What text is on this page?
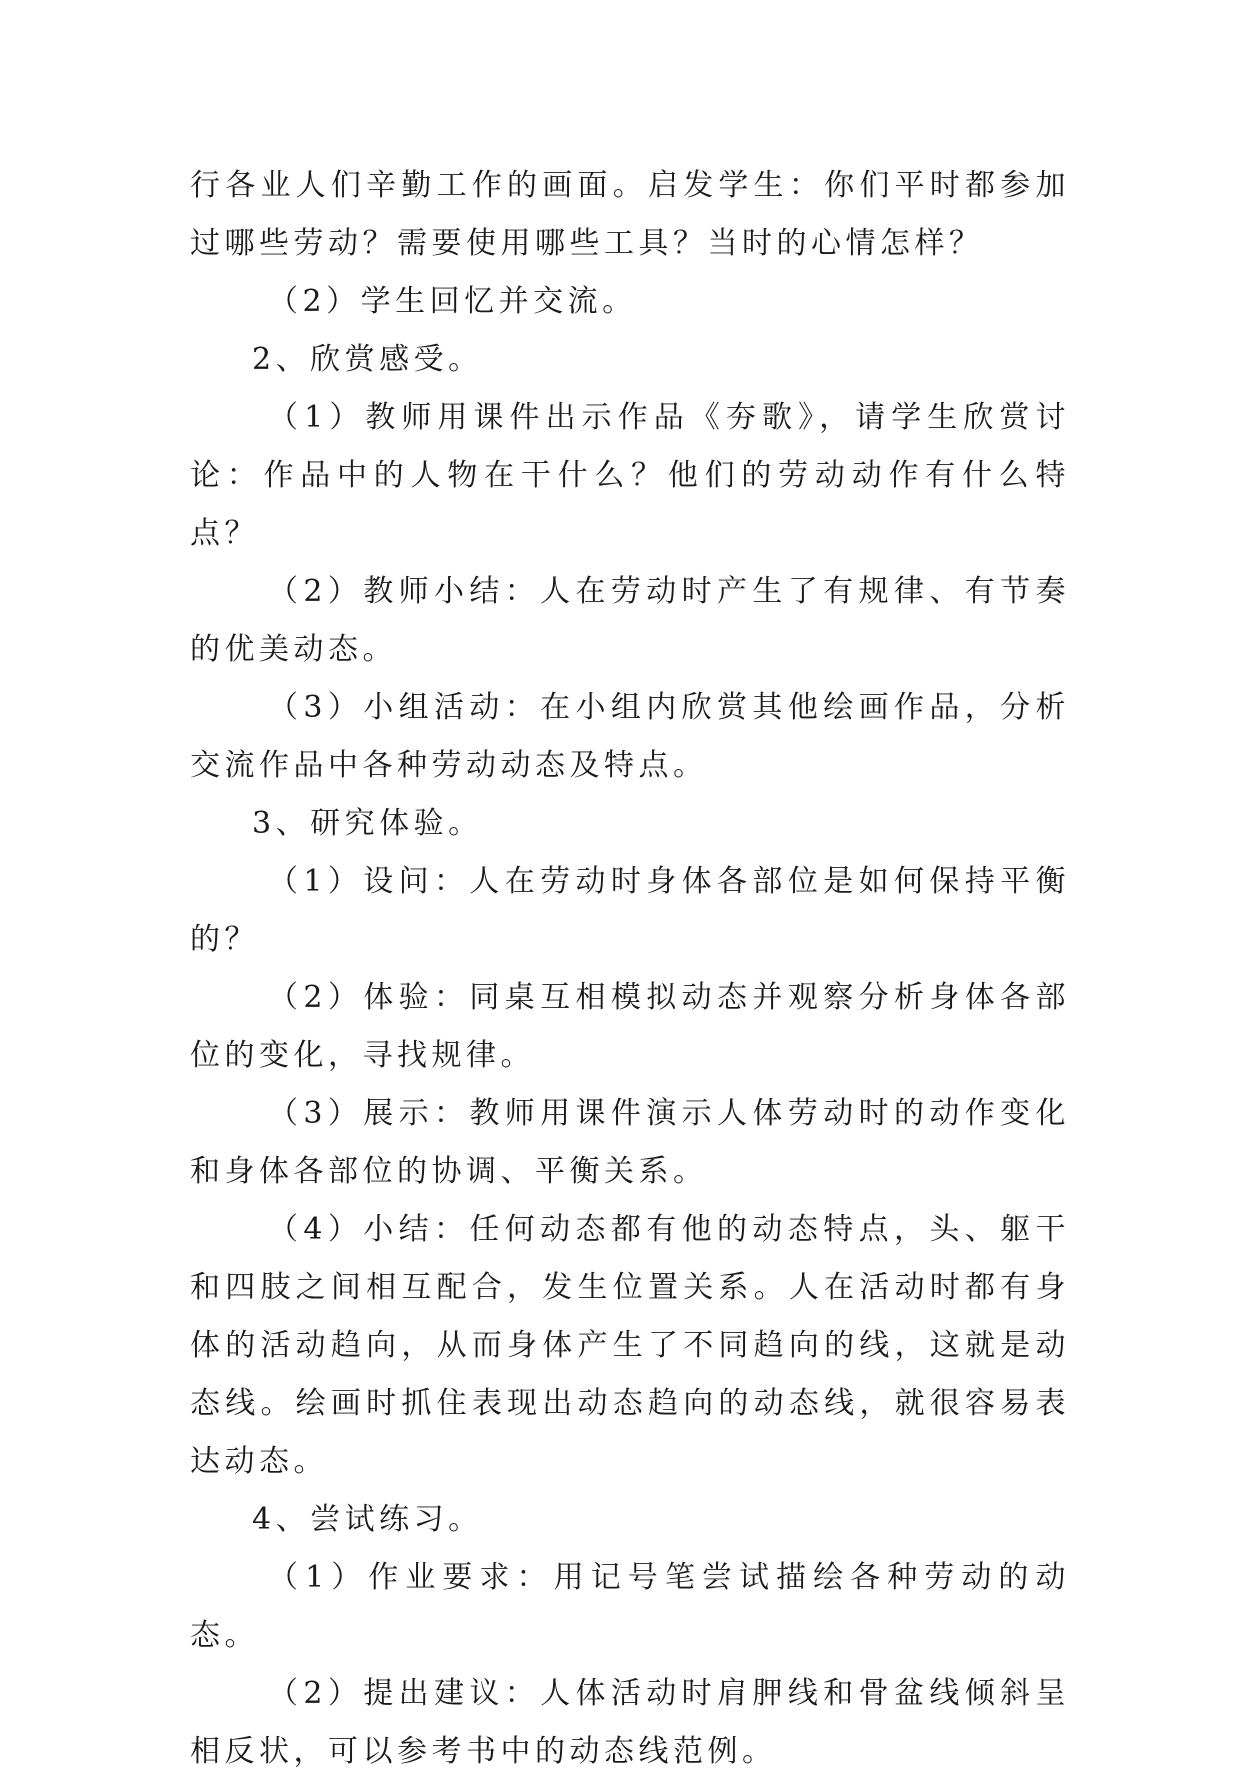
行各业人们辛勤工作的画面。启发学生：你们平时都参加过哪些劳动？需要使用哪些工具？当时的心情怎样？

（2）学生回忆并交流。

2、欣赏感受。

（1）教师用课件出示作品《夯歌》，请学生欣赏讨论：作品中的人物在干什么？他们的劳动动作有什么特点？

（2）教师小结：人在劳动时产生了有规律、有节奏的优美动态。

（3）小组活动：在小组内欣赏其他绘画作品，分析交流作品中各种劳动动态及特点。

3、研究体验。

（1）设问：人在劳动时身体各部位是如何保持平衡的？

（2）体验：同桌互相模拟动态并观察分析身体各部位的变化，寻找规律。

（3）展示：教师用课件演示人体劳动时的动作变化和身体各部位的协调、平衡关系。

（4）小结：任何动态都有他的动态特点，头、躯干和四肢之间相互配合，发生位置关系。人在活动时都有身体的活动趋向，从而身体产生了不同趋向的线，这就是动态线。绘画时抓住表现出动态趋向的动态线，就很容易表达动态。

4、尝试练习。

（1）作业要求：用记号笔尝试描绘各种劳动的动态。

（2）提出建议：人体活动时肩胛线和骨盆线倾斜呈相反状，可以参考书中的动态线范例。
